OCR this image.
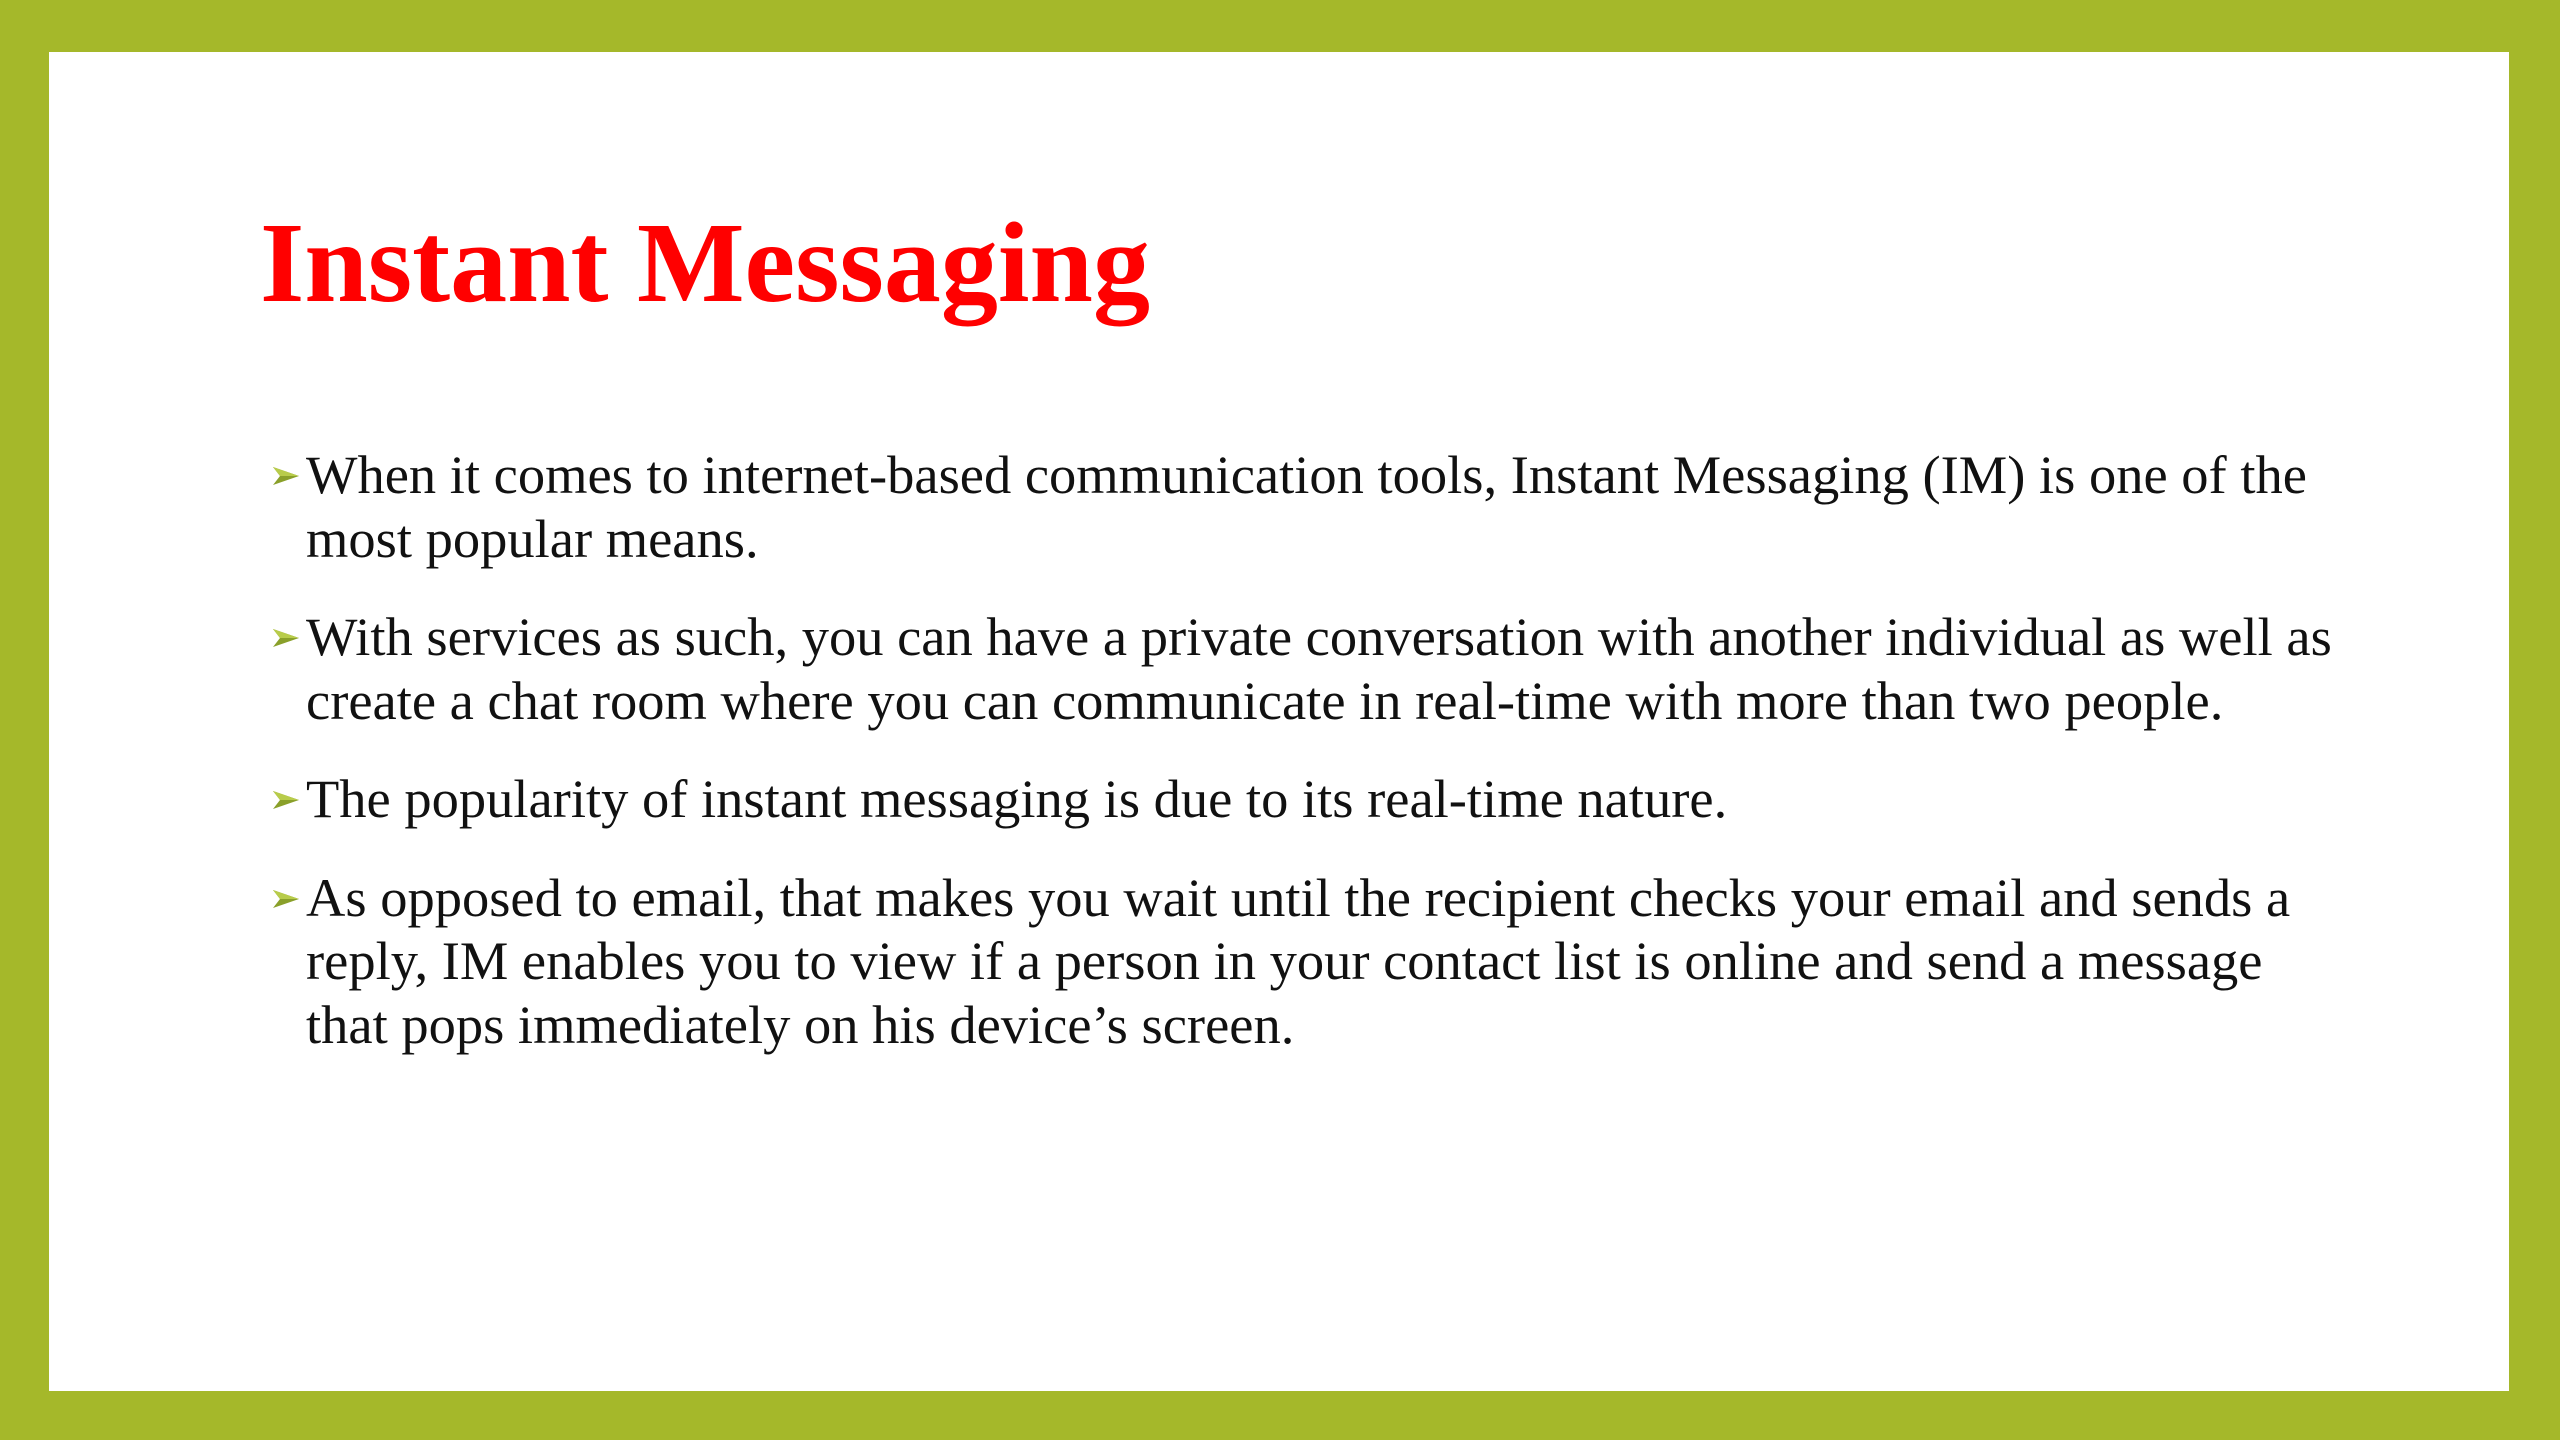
Instant Messaging
When it comes to internet-based communication tools, Instant Messaging (IM) is one of the most popular means.
With services as such, you can have a private conversation with another individual as well as create a chat room where you can communicate in real-time with more than two people.
The popularity of instant messaging is due to its real-time nature.
As opposed to email, that makes you wait until the recipient checks your email and sends a reply, IM enables you to view if a person in your contact list is online and send a message that pops immediately on his device’s screen.
